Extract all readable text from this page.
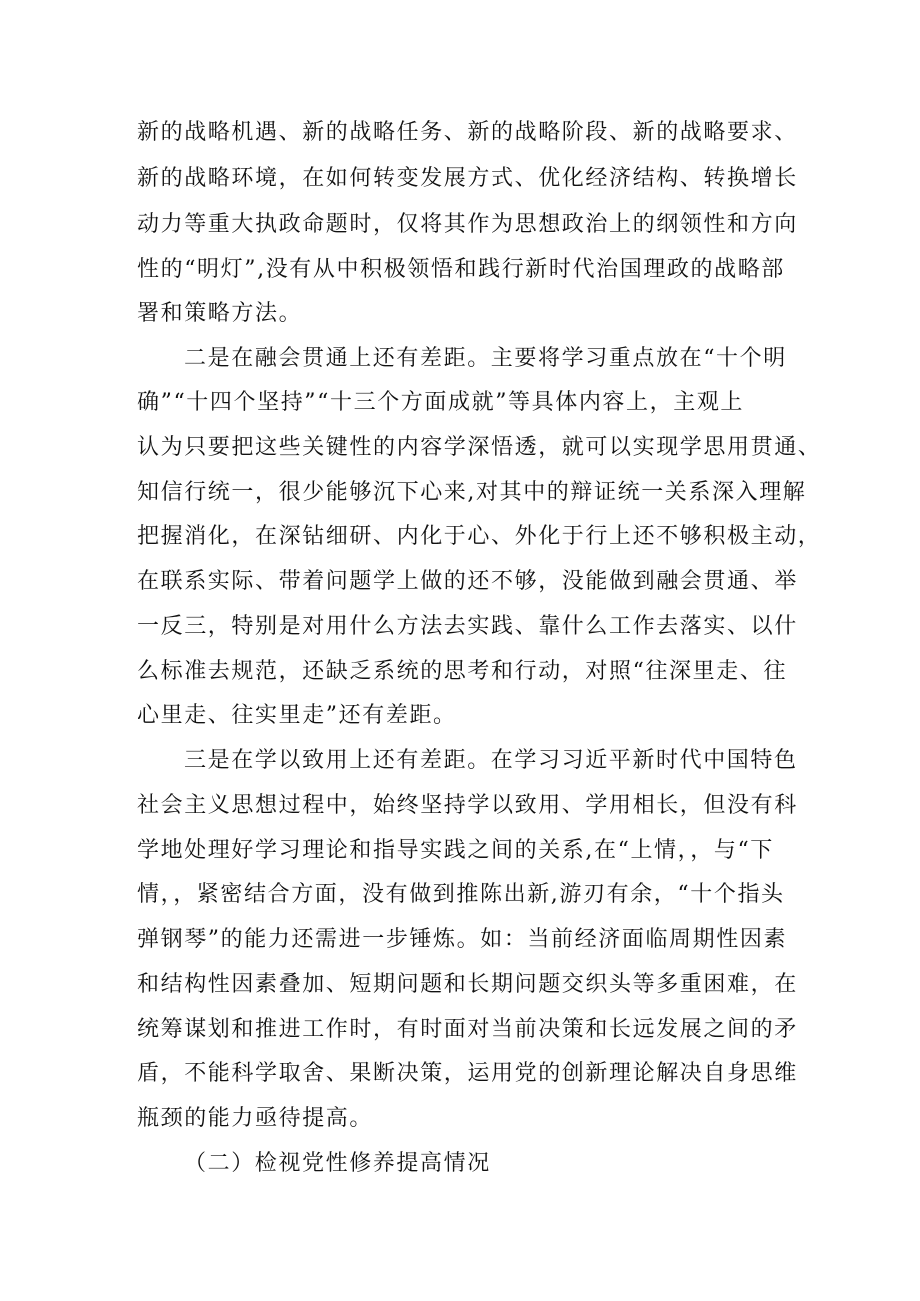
新的战略机遇、新的战略任务、新的战略阶段、新的战略要求、
新的战略环境，在如何转变发展方式、优化经济结构、转换增长
动力等重大执政命题时，仅将其作为思想政治上的纲领性和方向
性的“明灯”,没有从中积极领悟和践行新时代治国理政的战略部
署和策略方法。
二是在融会贯通上还有差距。主要将学习重点放在“十个明
确”“十四个坚持”“十三个方面成就”等具体内容上，主观上
认为只要把这些关键性的内容学深悟透，就可以实现学思用贯通、
知信行统一，很少能够沉下心来,对其中的辩证统一关系深入理解
把握消化，在深钻细研、内化于心、外化于行上还不够积极主动，
在联系实际、带着问题学上做的还不够，没能做到融会贯通、举
一反三，特别是对用什么方法去实践、靠什么工作去落实、以什
么标准去规范，还缺乏系统的思考和行动，对照“往深里走、往
心里走、往实里走”还有差距。
三是在学以致用上还有差距。在学习习近平新时代中国特色
社会主义思想过程中，始终坚持学以致用、学用相长，但没有科
学地处理好学习理论和指导实践之间的关系,在“上情，，与“下
情，，紧密结合方面，没有做到推陈出新,游刃有余，“十个指头
弹钢琴”的能力还需进一步锤炼。如：当前经济面临周期性因素
和结构性因素叠加、短期问题和长期问题交织头等多重困难，在
统筹谋划和推进工作时，有时面对当前决策和长远发展之间的矛
盾，不能科学取舍、果断决策，运用党的创新理论解决自身思维
瓶颈的能力亟待提高。
（二）检视党性修养提高情况
